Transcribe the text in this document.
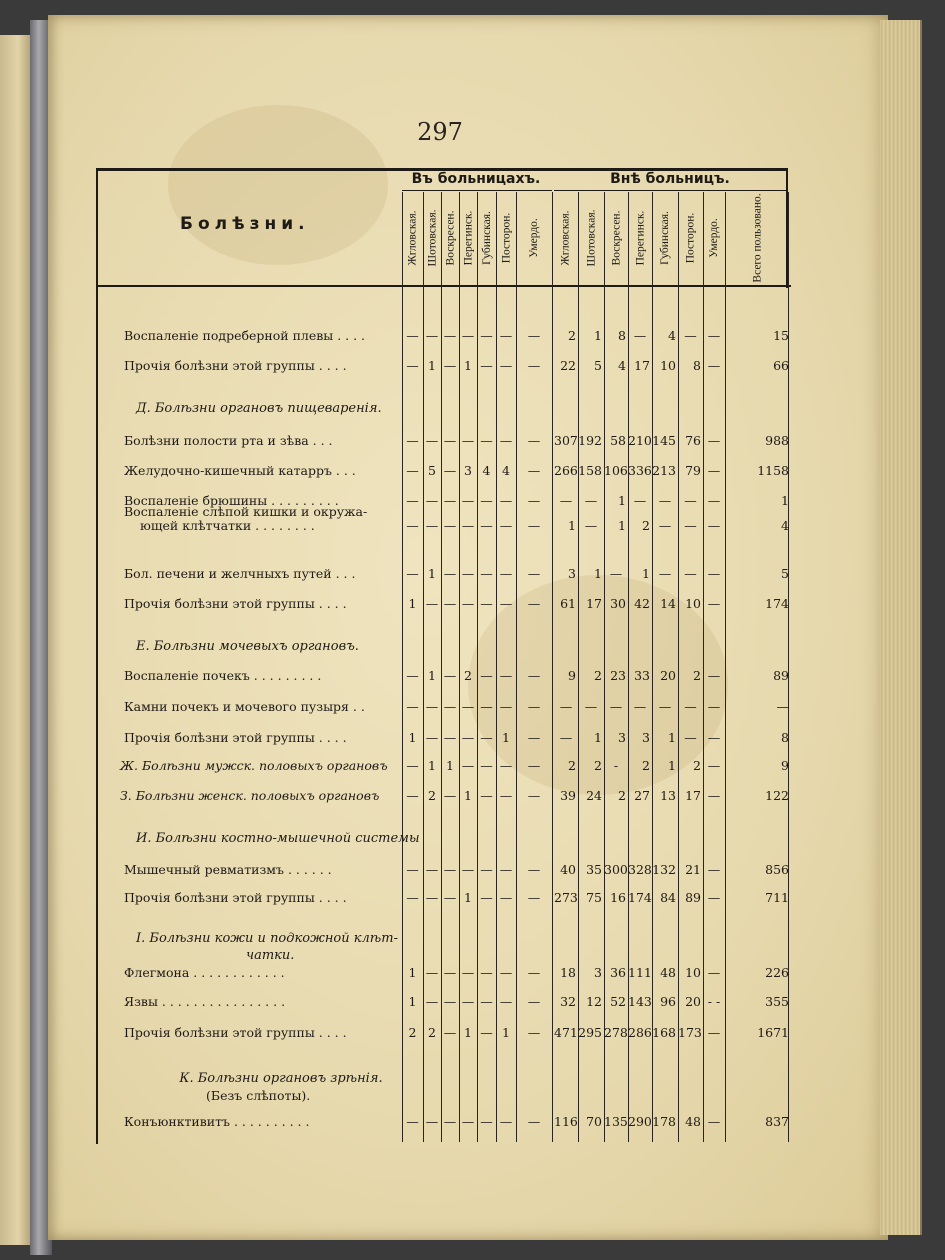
297
Болѣзни.
Въ больницахъ.	Внѣ больницъ.
Жгловская. Шотовская. Воскресен. Перегинск. Губинская. Посторон. Умердо. Жгловская. Шотовская. Воскресен. Перегинск. Губинская. Посторон. Умердо.	Всего пользовано.
Воспаленіе подреберной плевы . . . .	— — — — — —	—	2	1	8 —	4 — —	15
Прочія болѣзни этой группы . . . .	— 1 — 1 — —	—	22	5	4 17 10	8 —	66
Д. Болѣзни органовъ пищеваренія.
Болѣзни полости рта и зѣва . . .	— — — — — —	—	307 192 58 210 145 76 —	988
Желудочно-кишечный катарръ . . .	— 5 — 3 4 4	—	266 158 106 336 213 79 —	1158
Воспаленіе брюшины . . . . . . . . .	— — — — — —	—	—	—	1 —	—	— —	1
Воспаленіе слѣпой кишки и окружа-
ющей клѣтчатки . . . . . . . .	— — — — — —	—	1 —	1	2 —	— —	4
Бол. печени и желчныхъ путей . . .	— 1 — — — —	—	3	1 —	1 —	— —	5
Прочія болѣзни этой группы . . . .	1 — — — — —	—	61 17 30 42 14 10 —	174
Е. Болѣзни мочевыхъ органовъ.
Воспаленіе почекъ . . . . . . . . .	— 1 — 2 — —	—	9	2 23 33 20	2 —	89
Камни почекъ и мочевого пузыря . .	— — — — — —	—	—	—	— —	—	— —	—
Прочія болѣзни этой группы . . . .	1 — — — — 1	—	—	1	3	3	1 — —	8
Ж. Болѣзни мужск. половыхъ органовъ	— 1 1 — — —	—	2	2 -	2	1	2 —	9
З. Болѣзни женск. половыхъ органовъ	— 2 — 1 — —	—	39 24	2 27 13 17 —	122
И. Болѣзни костно-мышечной системы
Мышечный ревматизмъ . . . . . .	— — — — — —	—	40 35 300 328 132 21 —	856
Прочія болѣзни этой группы . . . .	— — — 1 — —	—	273 75 16 174 84 89 —	711
І. Болѣзни кожи и подкожной клѣт-
чатки.
Флегмона . . . . . . . . . . . .	1 — — — — —	—	18	3 36 111 48 10 —	226
Язвы . . . . . . . . . . . . . . . .	1 — — — — —	—	32 12 52 143 96 20 - -	355
Прочія болѣзни этой группы . . . .	2 2 — 1 — 1	—	471 295 278 286 168 173 —	1671
К. Болѣзни органовъ зрѣнія.
(Безъ слѣпоты).
Конъюнктивитъ . . . . . . . . . .	— — — — — —	—	116 70 135 290 178 48 —	837
